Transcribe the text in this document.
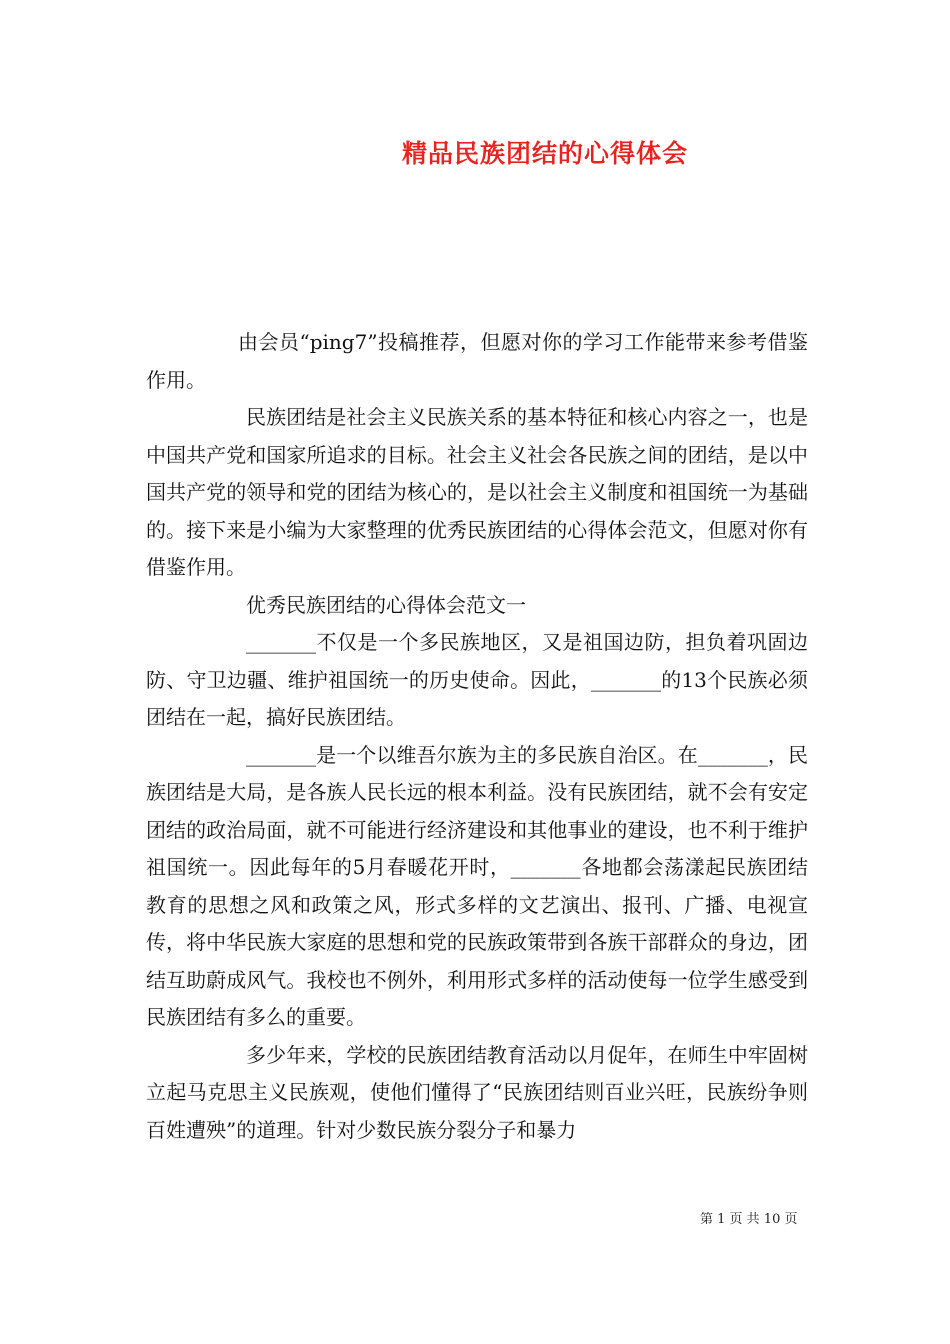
精品民族团结的心得体会

由会员“ping7”投稿推荐，但愿对你的学习工作能带来参考借鉴作用。

民族团结是社会主义民族关系的基本特征和核心内容之一，也是中国共产党和国家所追求的目标。社会主义社会各民族之间的团结，是以中国共产党的领导和党的团结为核心的，是以社会主义制度和祖国统一为基础的。接下来是小编为大家整理的优秀民族团结的心得体会范文，但愿对你有借鉴作用。

优秀民族团结的心得体会范文一

_______不仅是一个多民族地区，又是祖国边防，担负着巩固边防、守卫边疆、维护祖国统一的历史使命。因此，_______的13个民族必须团结在一起，搞好民族团结。

_______是一个以维吾尔族为主的多民族自治区。在_______，民族团结是大局，是各族人民长远的根本利益。没有民族团结，就不会有安定团结的政治局面，就不可能进行经济建设和其他事业的建设，也不利于维护祖国统一。因此每年的5月春暖花开时，_______各地都会荡漾起民族团结教育的思想之风和政策之风，形式多样的文艺演出、报刊、广播、电视宣传，将中华民族大家庭的思想和党的民族政策带到各族干部群众的身边，团结互助蔚成风气。我校也不例外，利用形式多样的活动使每一位学生感受到民族团结有多么的重要。

多少年来，学校的民族团结教育活动以月促年，在师生中牢固树立起马克思主义民族观，使他们懂得了“民族团结则百业兴旺，民族纷争则百姓遭殃”的道理。针对少数民族分裂分子和暴力

第 1 页 共 10 页
